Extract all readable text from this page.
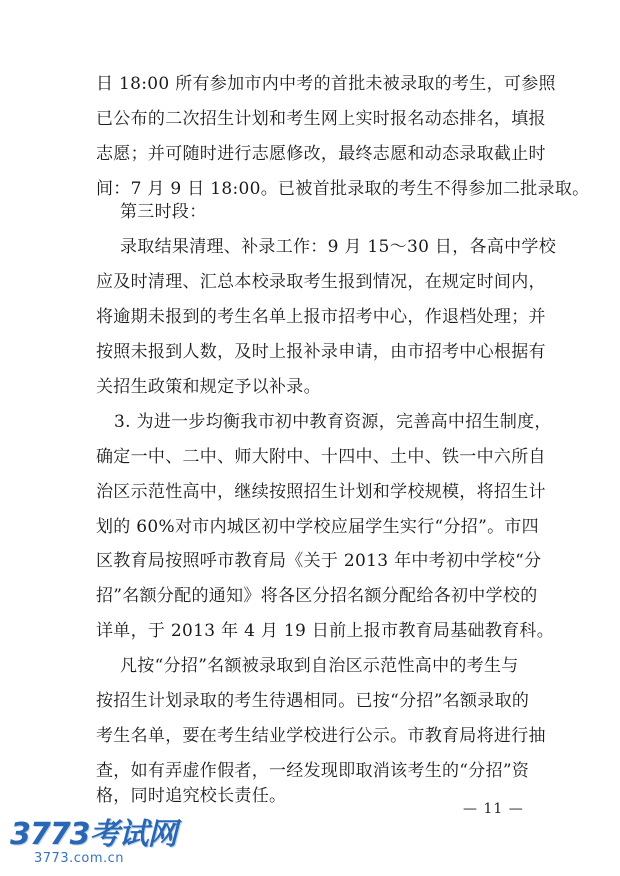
日 18:00 所有参加市内中考的首批未被录取的考生，可参照
已公布的二次招生计划和考生网上实时报名动态排名，填报
志愿；并可随时进行志愿修改，最终志愿和动态录取截止时
间：7 月 9 日 18:00。已被首批录取的考生不得参加二批录取。
第三时段：
录取结果清理、补录工作：9 月 15～30 日，各高中学校
应及时清理、汇总本校录取考生报到情况，在规定时间内，
将逾期未报到的考生名单上报市招考中心，作退档处理；并
按照未报到人数，及时上报补录申请，由市招考中心根据有
关招生政策和规定予以补录。
3. 为进一步均衡我市初中教育资源，完善高中招生制度，
确定一中、二中、师大附中、十四中、土中、铁一中六所自
治区示范性高中，继续按照招生计划和学校规模，将招生计
划的 60%对市内城区初中学校应届学生实行“分招”。市四
区教育局按照呼市教育局《关于 2013 年中考初中学校“分
招”名额分配的通知》将各区分招名额分配给各初中学校的
详单，于 2013 年 4 月 19 日前上报市教育局基础教育科。
凡按“分招”名额被录取到自治区示范性高中的考生与
按招生计划录取的考生待遇相同。已按“分招”名额录取的
考生名单，要在考生结业学校进行公示。市教育局将进行抽
查，如有弄虚作假者，一经发现即取消该考生的“分招”资
格，同时追究校长责任。
— 11 —
3773考试网
3773.com.cn
